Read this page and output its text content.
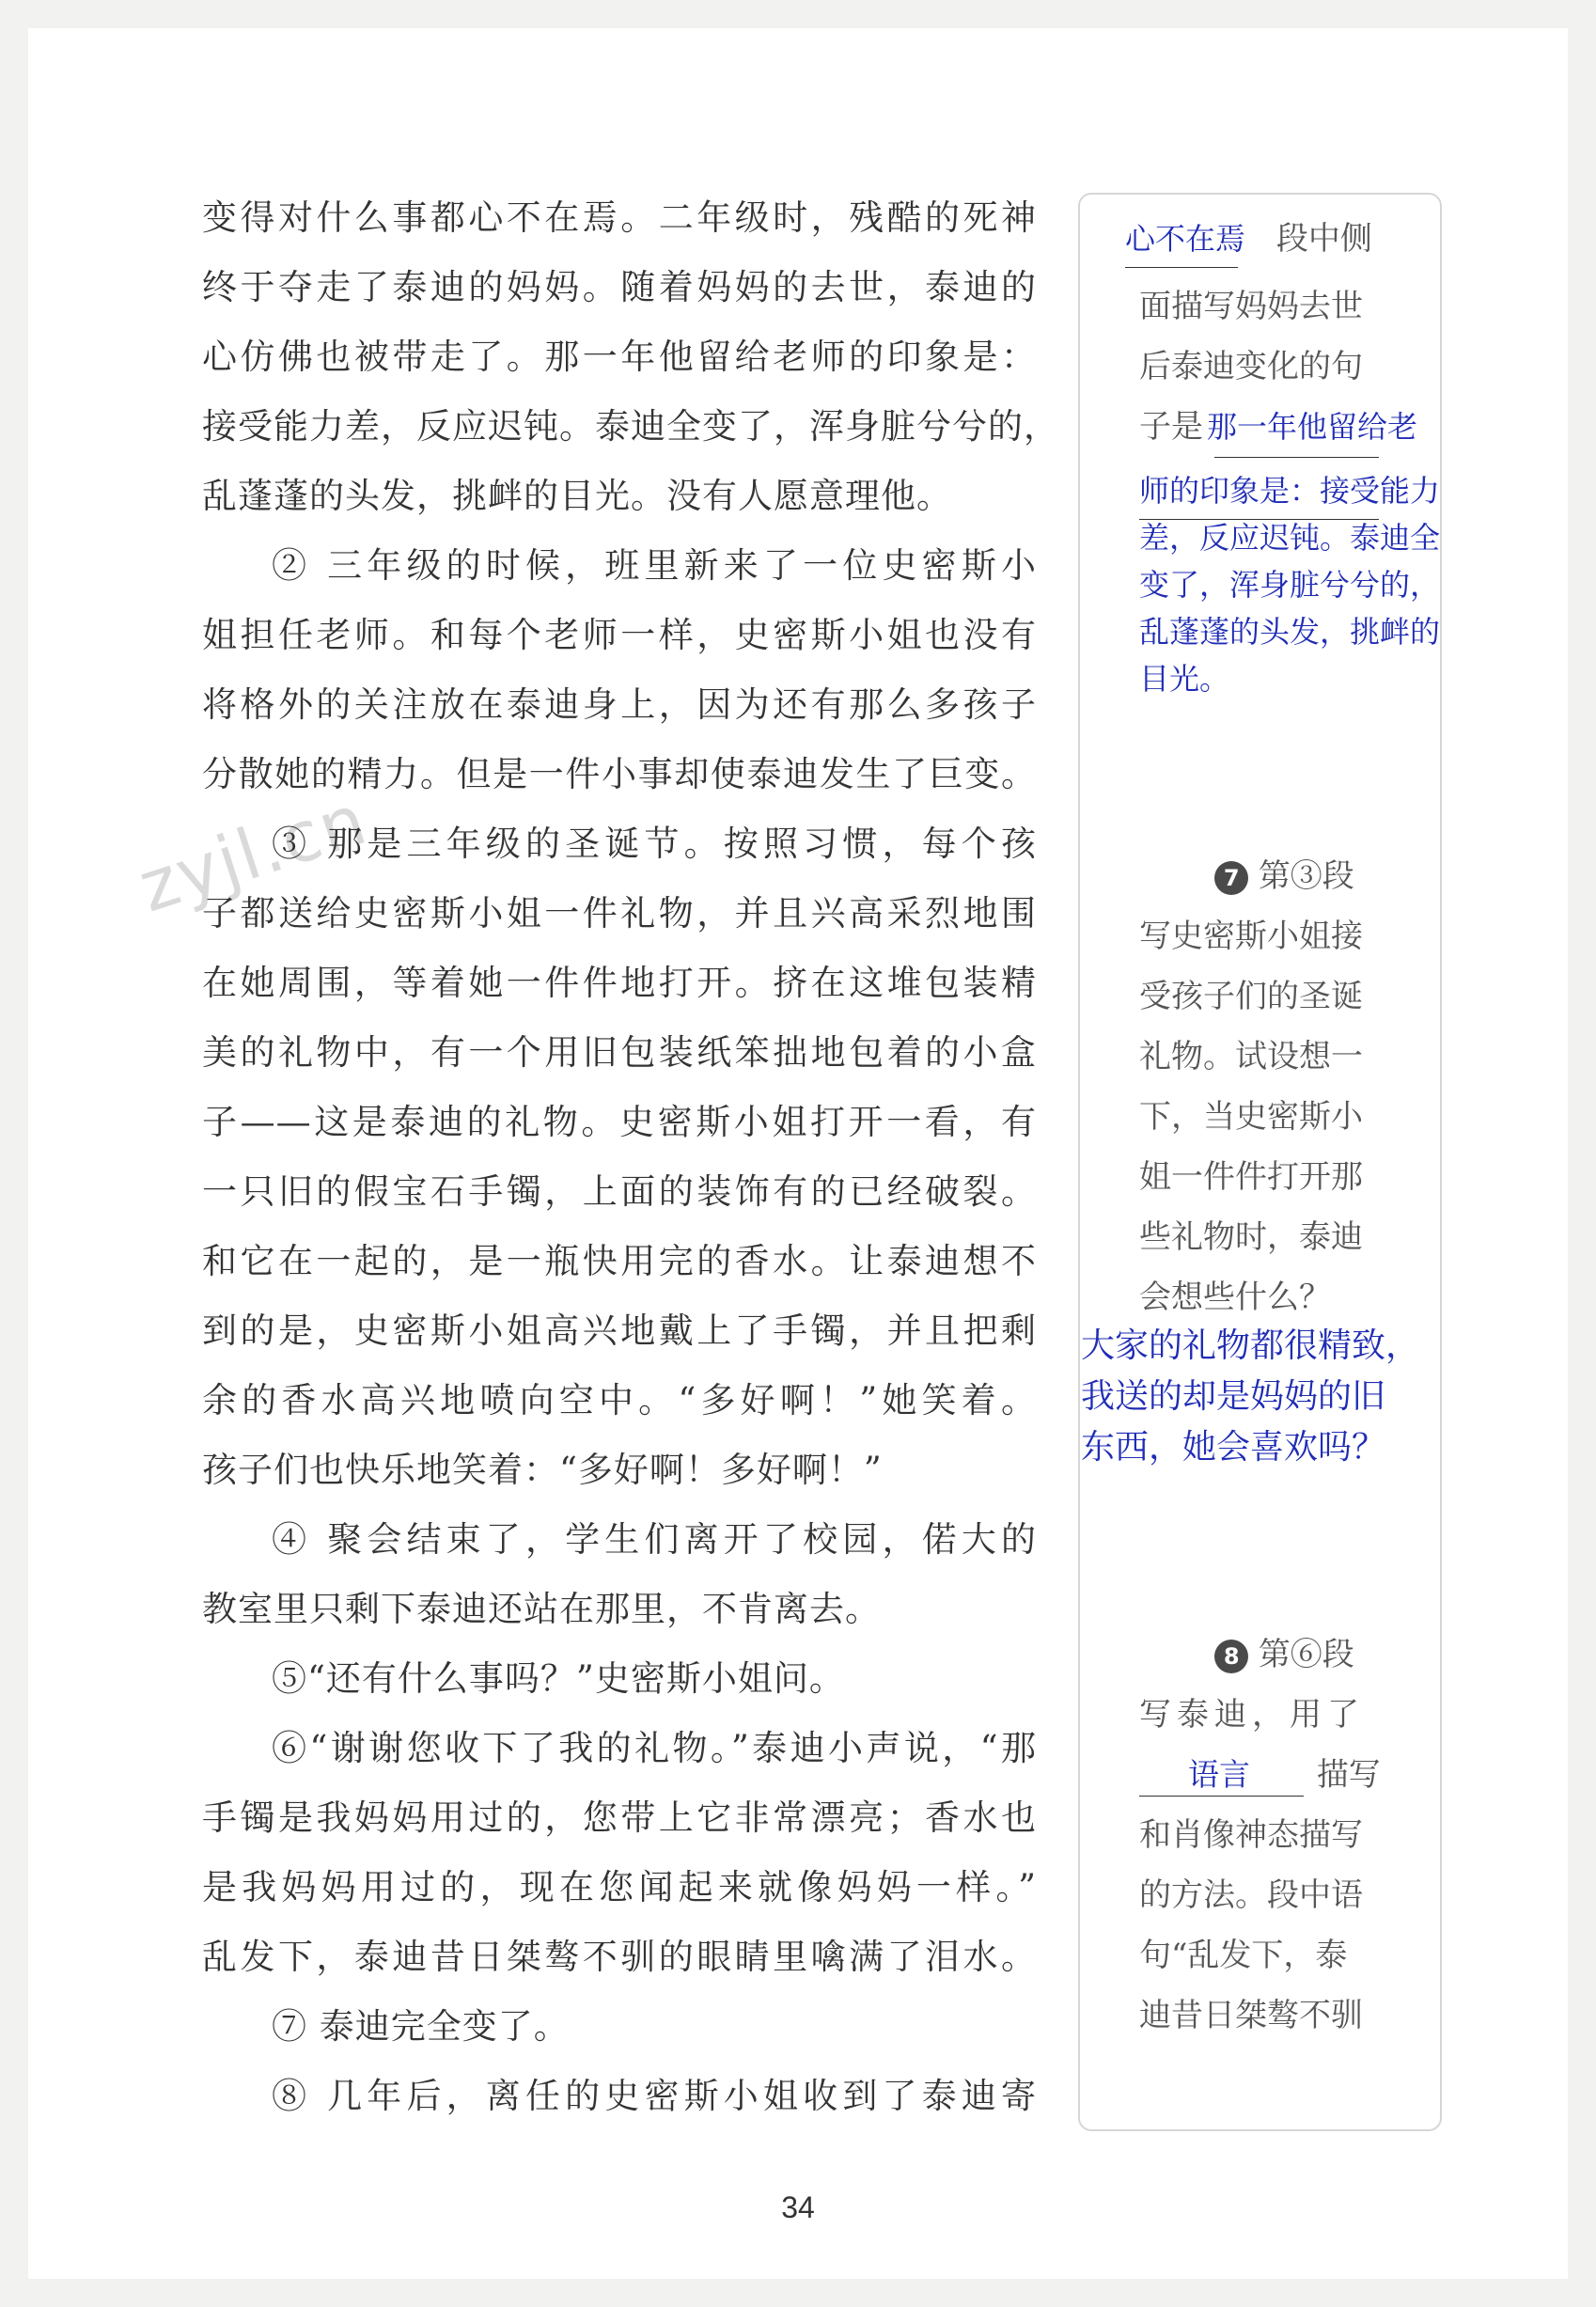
zyjl.cn
变得对什么事都心不在焉。二年级时，残酷的死神
终于夺走了泰迪的妈妈。随着妈妈的去世，泰迪的
心仿佛也被带走了。那一年他留给老师的印象是：
接受能力差，反应迟钝。泰迪全变了，浑身脏兮兮的，
乱蓬蓬的头发，挑衅的目光。没有人愿意理他。
② 三年级的时候，班里新来了一位史密斯小
姐担任老师。和每个老师一样，史密斯小姐也没有
将格外的关注放在泰迪身上，因为还有那么多孩子
分散她的精力。但是一件小事却使泰迪发生了巨变。
③ 那是三年级的圣诞节。按照习惯，每个孩
子都送给史密斯小姐一件礼物，并且兴高采烈地围
在她周围，等着她一件件地打开。挤在这堆包装精
美的礼物中，有一个用旧包装纸笨拙地包着的小盒
子——这是泰迪的礼物。史密斯小姐打开一看，有
一只旧的假宝石手镯，上面的装饰有的已经破裂。
和它在一起的，是一瓶快用完的香水。让泰迪想不
到的是，史密斯小姐高兴地戴上了手镯，并且把剩
余的香水高兴地喷向空中。“多好啊！”她笑着。
孩子们也快乐地笑着：“多好啊！多好啊！”
④ 聚会结束了，学生们离开了校园，偌大的
教室里只剩下泰迪还站在那里，不肯离去。
⑤“还有什么事吗？”史密斯小姐问。
⑥“谢谢您收下了我的礼物。”泰迪小声说，“那
手镯是我妈妈用过的，您带上它非常漂亮；香水也
是我妈妈用过的，现在您闻起来就像妈妈一样。”
乱发下，泰迪昔日桀骜不驯的眼睛里噙满了泪水。
⑦ 泰迪完全变了。
⑧ 几年后，离任的史密斯小姐收到了泰迪寄
心不在焉 段中侧
面描写妈妈去世
后泰迪变化的句
子是 那一年他留给老
师的印象是：接受能力
差，反应迟钝。泰迪全
变了，浑身脏兮兮的，
乱蓬蓬的头发，挑衅的
目光。
7 第③段
写史密斯小姐接
受孩子们的圣诞
礼物。试设想一
下，当史密斯小
姐一件件打开那
些礼物时，泰迪
会想些什么？
大家的礼物都很精致，
我送的却是妈妈的旧
东西，她会喜欢吗？
8 第⑥段
写泰迪，用了
语言 描写
和肖像神态描写
的方法。段中语
句“乱发下，泰
迪昔日桀骜不驯
34
